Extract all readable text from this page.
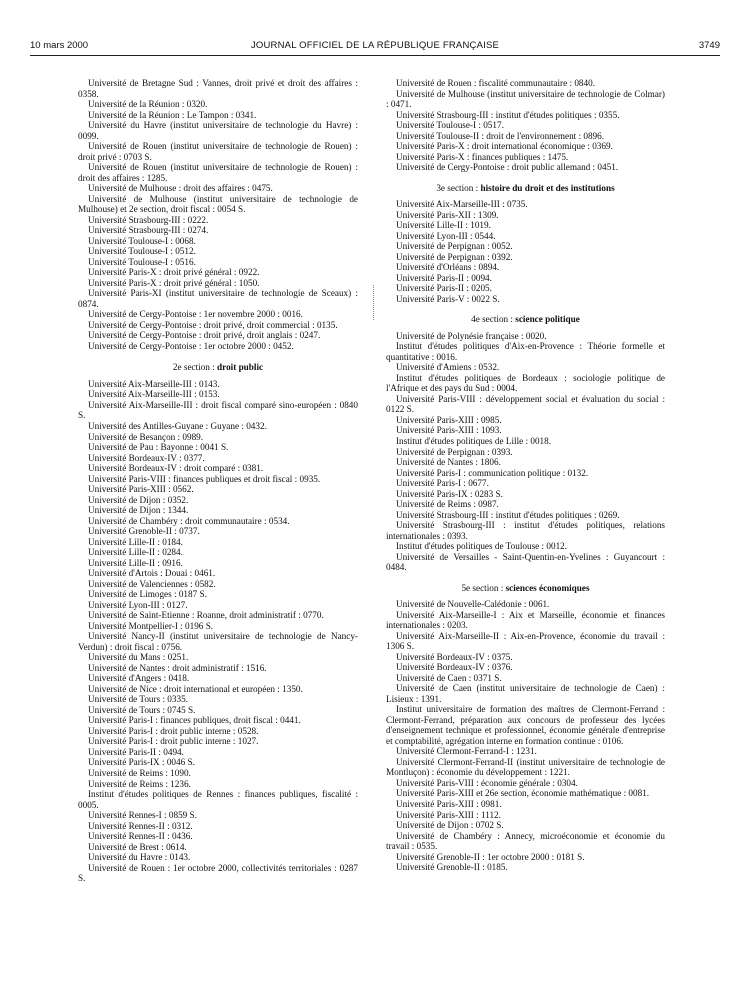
10 mars 2000	JOURNAL OFFICIEL DE LA RÉPUBLIQUE FRANÇAISE	3749
Université de Bretagne Sud : Vannes, droit privé et droit des affaires : 0358.
Université de la Réunion : 0320.
Université de la Réunion : Le Tampon : 0341.
Université du Havre (institut universitaire de technologie du Havre) : 0099.
Université de Rouen (institut universitaire de technologie de Rouen) : droit privé : 0703 S.
Université de Rouen (institut universitaire de technologie de Rouen) : droit des affaires : 1285.
Université de Mulhouse : droit des affaires : 0475.
Université de Mulhouse (institut universitaire de technologie de Mulhouse) et 2e section, droit fiscal : 0054 S.
Université Strasbourg-III : 0222.
Université Strasbourg-III : 0274.
Université Toulouse-I : 0068.
Université Toulouse-I : 0512.
Université Toulouse-I : 0516.
Université Paris-X : droit privé général : 0922.
Université Paris-X : droit privé général : 1050.
Université Paris-XI (institut universitaire de technologie de Sceaux) : 0874.
Université de Cergy-Pontoise : 1er novembre 2000 : 0016.
Université de Cergy-Pontoise : droit privé, droit commercial : 0135.
Université de Cergy-Pontoise : droit privé, droit anglais : 0247.
Université de Cergy-Pontoise : 1er octobre 2000 : 0452.
2e section : droit public
Université Aix-Marseille-III : 0143.
Université Aix-Marseille-III : 0153.
Université Aix-Marseille-III : droit fiscal comparé sino-européen : 0840 S.
Université des Antilles-Guyane : Guyane : 0432.
Université de Besançon : 0989.
Université de Pau : Bayonne : 0041 S.
Université Bordeaux-IV : 0377.
Université Bordeaux-IV : droit comparé : 0381.
Université Paris-VIII : finances publiques et droit fiscal : 0935.
Université Paris-XIII : 0562.
Université de Dijon : 0352.
Université de Dijon : 1344.
Université de Chambéry : droit communautaire : 0534.
Université Grenoble-II : 0737.
Université Lille-II : 0184.
Université Lille-II : 0284.
Université Lille-II : 0916.
Université d'Artois : Douai : 0461.
Université de Valenciennes : 0582.
Université de Limoges : 0187 S.
Université Lyon-III : 0127.
Université de Saint-Etienne : Roanne, droit administratif : 0770.
Université Montpellier-I : 0196 S.
Université Nancy-II (institut universitaire de technologie de Nancy-Verdun) : droit fiscal : 0756.
Université du Mans : 0251.
Université de Nantes : droit administratif : 1516.
Université d'Angers : 0418.
Université de Nice : droit international et européen : 1350.
Université de Tours : 0335.
Université de Tours : 0745 S.
Université Paris-I : finances publiques, droit fiscal : 0441.
Université Paris-I : droit public interne : 0528.
Université Paris-I : droit public interne : 1027.
Université Paris-II : 0494.
Université Paris-IX : 0046 S.
Université de Reims : 1090.
Université de Reims : 1236.
Institut d'études politiques de Rennes : finances publiques, fiscalité : 0005.
Université Rennes-I : 0859 S.
Université Rennes-II : 0312.
Université Rennes-II : 0436.
Université de Brest : 0614.
Université du Havre : 0143.
Université de Rouen : 1er octobre 2000, collectivités territoriales : 0287 S.
Université de Rouen : fiscalité communautaire : 0840.
Université de Mulhouse (institut universitaire de technologie de Colmar) : 0471.
Université Strasbourg-III : institut d'études politiques : 0355.
Université Toulouse-I : 0517.
Université Toulouse-II : droit de l'environnement : 0896.
Université Paris-X : droit international économique : 0369.
Université Paris-X : finances publiques : 1475.
Université de Cergy-Pontoise : droit public allemand : 0451.
3e section : histoire du droit et des institutions
Université Aix-Marseille-III : 0735.
Université Paris-XII : 1309.
Université Lille-II : 1019.
Université Lyon-III : 0544.
Université de Perpignan : 0052.
Université de Perpignan : 0392.
Université d'Orléans : 0894.
Université Paris-II : 0094.
Université Paris-II : 0205.
Université Paris-V : 0022 S.
4e section : science politique
Université de Polynésie française : 0020.
Institut d'études politiques d'Aix-en-Provence : Théorie formelle et quantitative : 0016.
Université d'Amiens : 0532.
Institut d'études politiques de Bordeaux : sociologie politique de l'Afrique et des pays du Sud : 0004.
Université Paris-VIII : développement social et évaluation du social : 0122 S.
Université Paris-XIII : 0985.
Université Paris-XIII : 1093.
Institut d'études politiques de Lille : 0018.
Université de Perpignan : 0393.
Université de Nantes : 1806.
Université Paris-I : communication politique : 0132.
Université Paris-I : 0677.
Université Paris-IX : 0283 S.
Université de Reims : 0987.
Université Strasbourg-III : institut d'études politiques : 0269.
Université Strasbourg-III : institut d'études politiques, relations internationales : 0393.
Institut d'études politiques de Toulouse : 0012.
Université de Versailles - Saint-Quentin-en-Yvelines : Guyancourt : 0484.
5e section : sciences économiques
Université de Nouvelle-Calédonie : 0061.
Université Aix-Marseille-I : Aix et Marseille, économie et finances internationales : 0203.
Université Aix-Marseille-II : Aix-en-Provence, économie du travail : 1306 S.
Université Bordeaux-IV : 0375.
Université Bordeaux-IV : 0376.
Université de Caen : 0371 S.
Université de Caen (institut universitaire de technologie de Caen) : Lisieux : 1391.
Institut universitaire de formation des maîtres de Clermont-Ferrand : Clermont-Ferrand, préparation aux concours de professeur des lycées d'enseignement technique et professionnel, économie générale d'entreprise et comptabilité, agrégation interne en formation continue : 0106.
Université Clermont-Ferrand-I : 1231.
Université Clermont-Ferrand-II (institut universitaire de technologie de Montluçon) : économie du développement : 1221.
Université Paris-VIII : économie générale : 0304.
Université Paris-XIII et 26e section, économie mathématique : 0081.
Université Paris-XIII : 0981.
Université Paris-XIII : 1112.
Université de Dijon : 0702 S.
Université de Chambéry : Annecy, microéconomie et économie du travail : 0535.
Université Grenoble-II : 1er octobre 2000 : 0181 S.
Université Grenoble-II : 0185.
